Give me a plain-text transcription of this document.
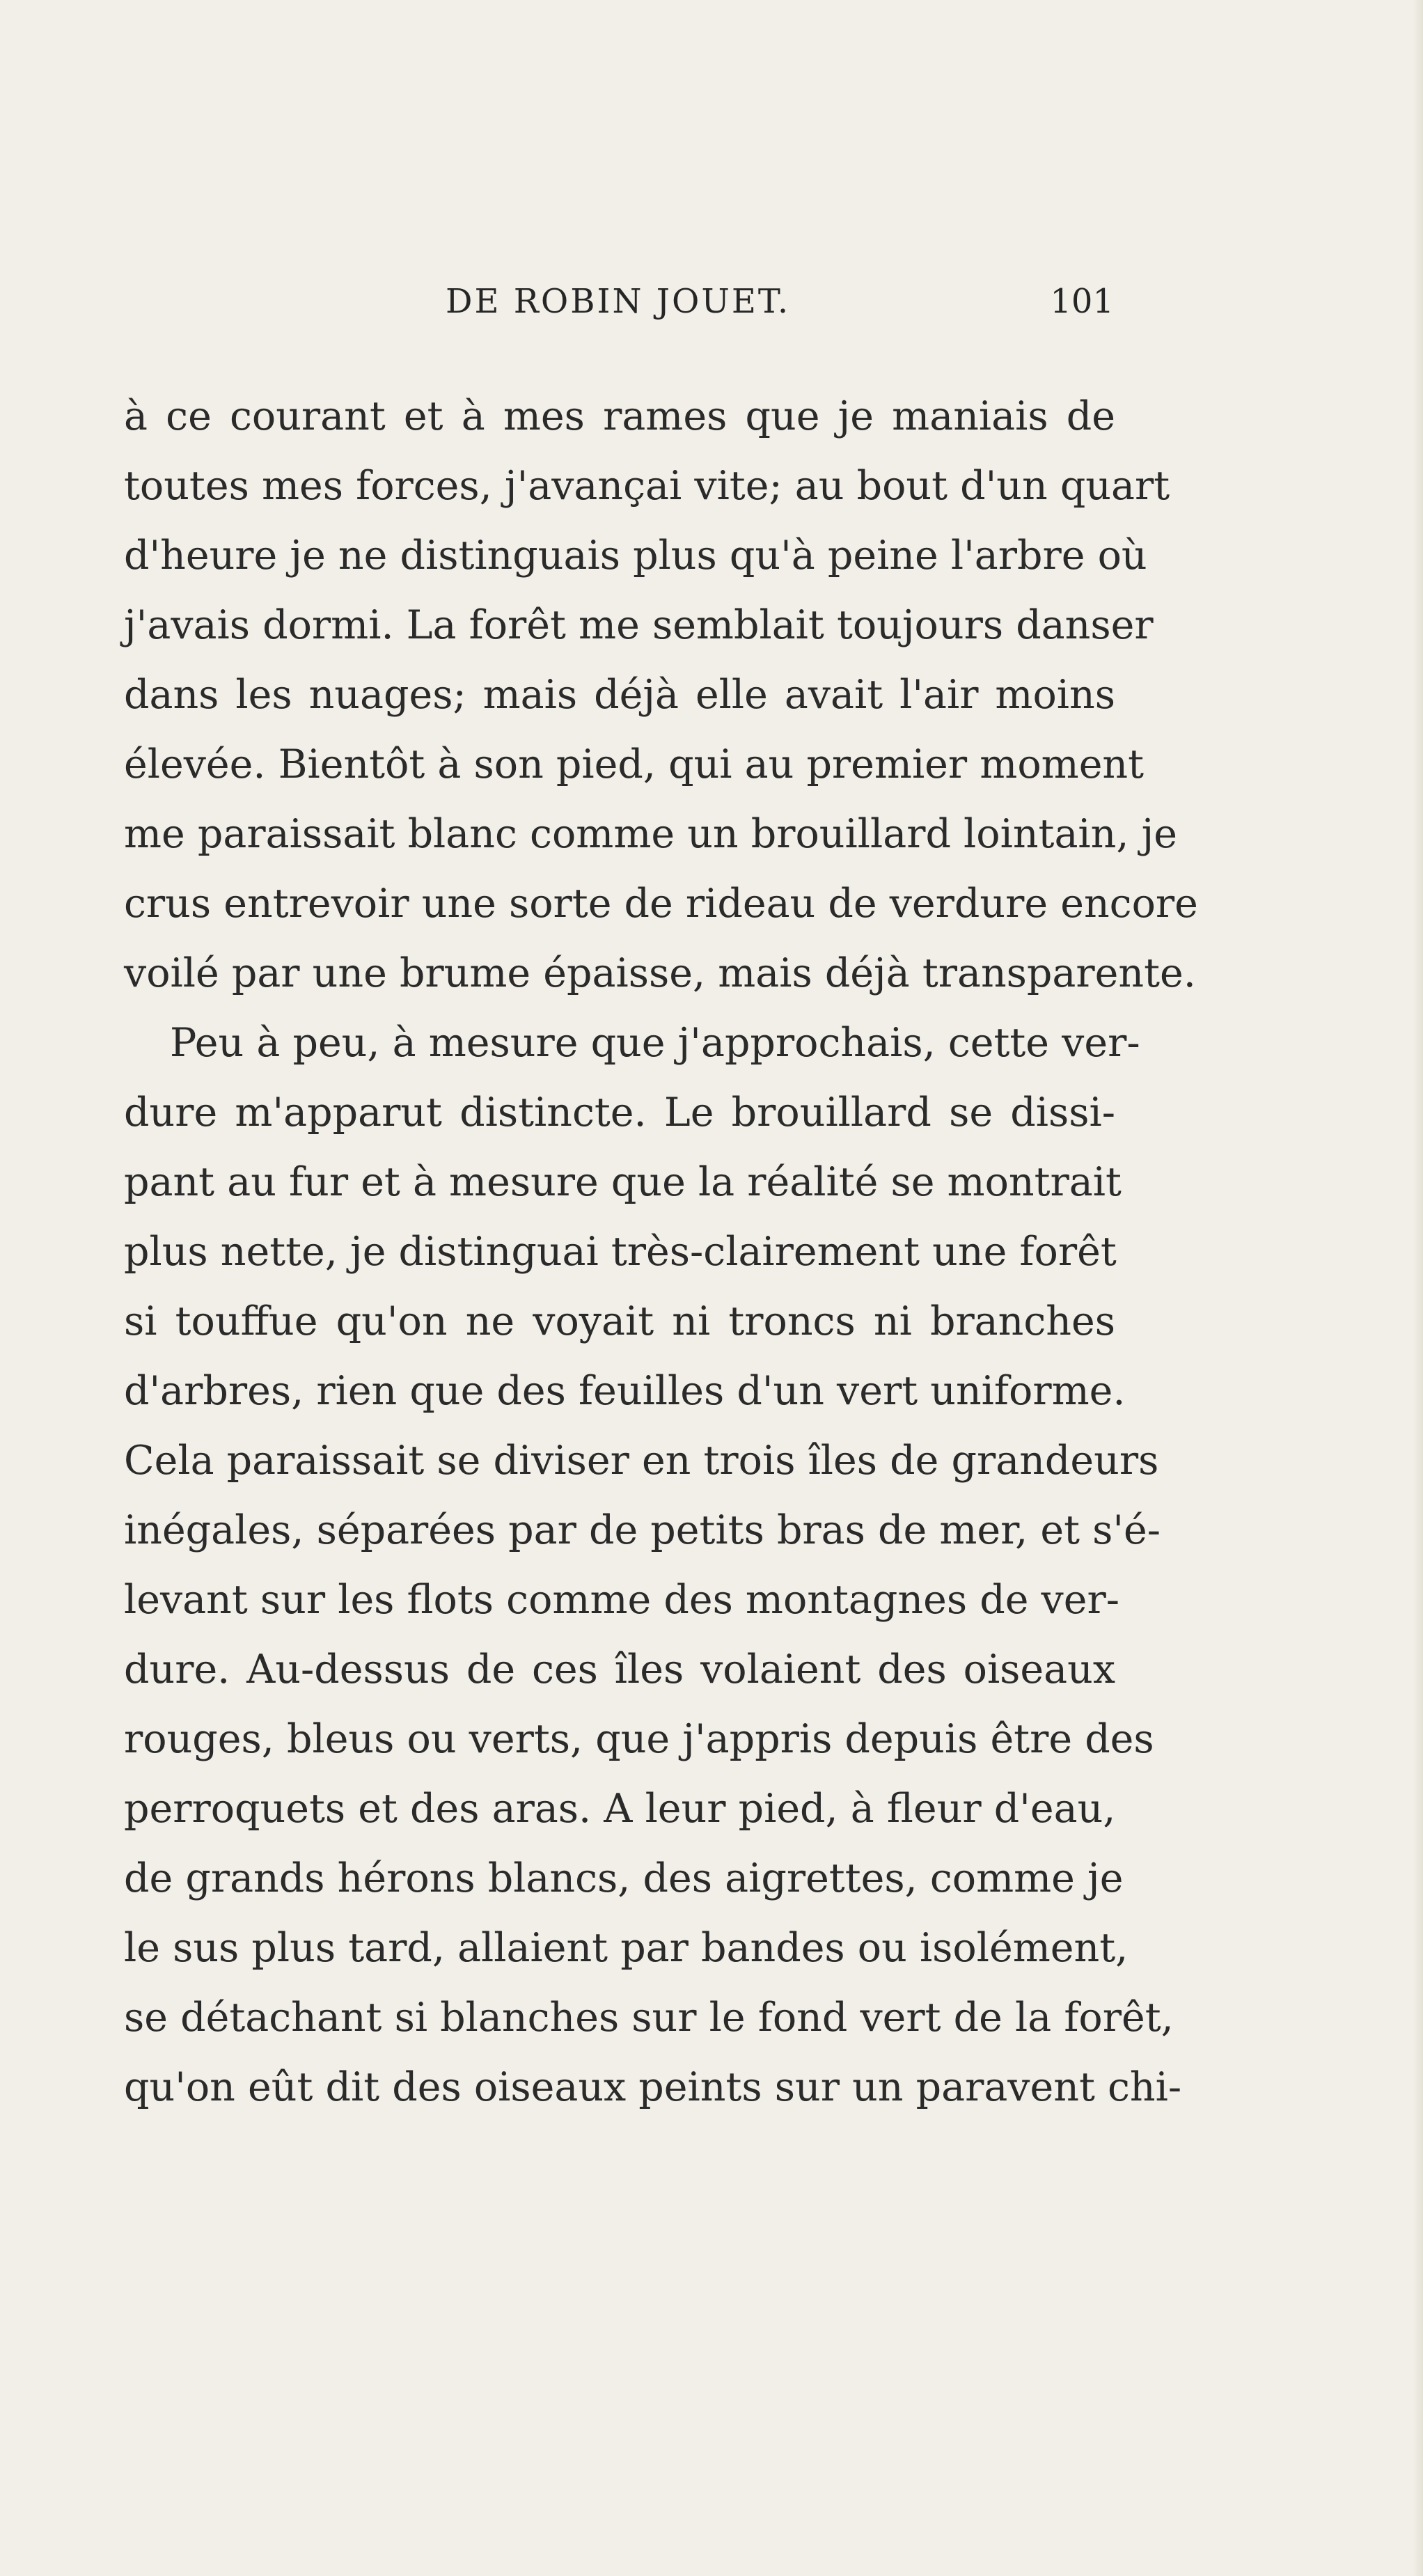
DE ROBIN JOUET.	101
à ce courant et à mes rames que je maniais de
toutes mes forces, j'avançai vite; au bout d'un quart
d'heure je ne distinguais plus qu'à peine l'arbre où
j'avais dormi. La forêt me semblait toujours danser
dans les nuages; mais déjà elle avait l'air moins
élevée. Bientôt à son pied, qui au premier moment
me paraissait blanc comme un brouillard lointain, je
crus entrevoir une sorte de rideau de verdure encore
voilé par une brume épaisse, mais déjà transparente.
Peu à peu, à mesure que j'approchais, cette ver-
dure m'apparut distincte. Le brouillard se dissi-
pant au fur et à mesure que la réalité se montrait
plus nette, je distinguai très-clairement une forêt
si touffue qu'on ne voyait ni troncs ni branches
d'arbres, rien que des feuilles d'un vert uniforme.
Cela paraissait se diviser en trois îles de grandeurs
inégales, séparées par de petits bras de mer, et s'é-
levant sur les flots comme des montagnes de ver-
dure. Au-dessus de ces îles volaient des oiseaux
rouges, bleus ou verts, que j'appris depuis être des
perroquets et des aras. A leur pied, à fleur d'eau,
de grands hérons blancs, des aigrettes, comme je
le sus plus tard, allaient par bandes ou isolément,
se détachant si blanches sur le fond vert de la forêt,
qu'on eût dit des oiseaux peints sur un paravent chi-
